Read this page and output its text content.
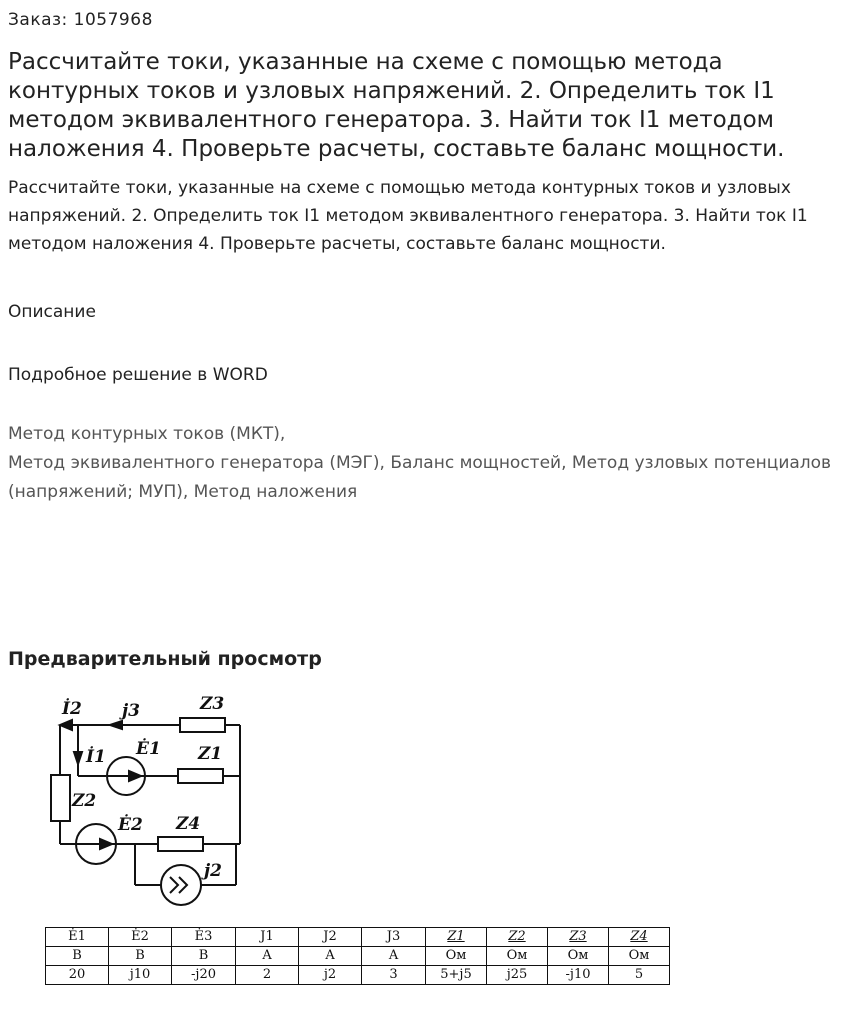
Заказ: 1057968
Рассчитайте токи, указанные на схеме с помощью метода контурных токов и узловых напряжений. 2. Определить ток I1 методом эквивалентного генератора. 3. Найти ток I1 методом наложения 4. Проверьте расчеты, составьте баланс мощности.
Рассчитайте токи, указанные на схеме с помощью метода контурных токов и узловых напряжений. 2. Определить ток I1 методом эквивалентного генератора. 3. Найти ток I1 методом наложения 4. Проверьте расчеты, составьте баланс мощности.
Описание
Подробное решение в WORD
Метод контурных токов (МКТ),
Метод эквивалентного генератора (МЭГ), Баланс мощностей, Метод узловых потенциалов (напряжений; МУП), Метод наложения
Предварительный просмотр
İ2 j3	Z3
İ1 Ė1 Z1
Z2
Ė2 Z4
j2
Ė1	Ė2	Ė3	J1	J2	J3	Z1	Z2	Z3	Z4
В	В	В	А	А	А	Ом	Ом	Ом	Ом
20	j10	-j20	2	j2	3	5+j5	j25	-j10	5
